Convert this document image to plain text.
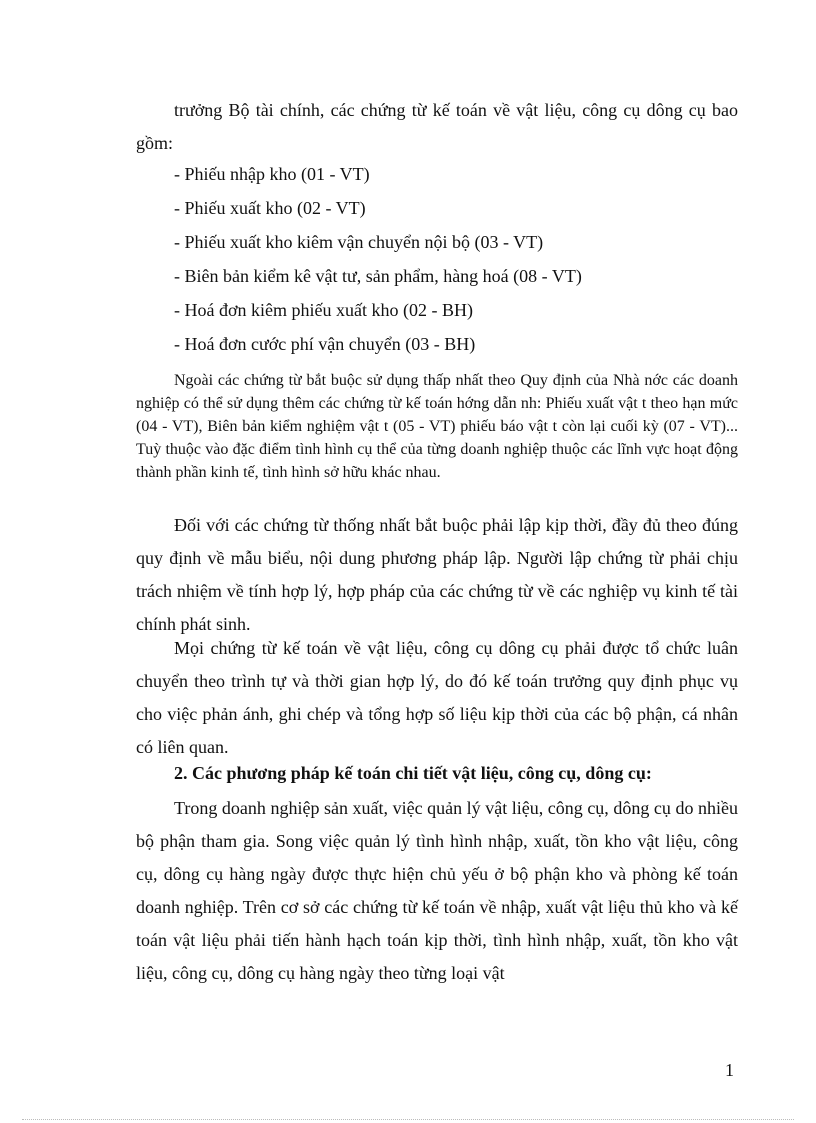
trưởng Bộ tài chính, các chứng từ kế toán về vật liệu, công cụ dông cụ bao gồm:

- Phiếu nhập kho (01 - VT)
- Phiếu xuất kho (02 - VT)
- Phiếu xuất kho kiêm vận chuyển nội bộ (03 - VT)
- Biên bản kiểm kê vật tư, sản phẩm, hàng hoá (08 - VT)
- Hoá đơn kiêm phiếu xuất kho (02 - BH)
- Hoá đơn cước phí vận chuyển (03 - BH)

Ngoài các chứng từ bắt buộc sử dụng thấp nhất theo Quy định của Nhà nớc các doanh nghiệp có thể sử dụng thêm các chứng từ kế toán hớng dẫn nh: Phiếu xuất vật t theo hạn mức (04 - VT), Biên bản kiểm nghiệm vật t (05 - VT) phiếu báo vật t còn lại cuối kỳ (07 - VT)... Tuỳ thuộc vào đặc điểm tình hình cụ thể của từng doanh nghiệp thuộc các lĩnh vực hoạt động thành phần kinh tế, tình hình sở hữu khác nhau.

Đối với các chứng từ thống nhất bắt buộc phải lập kịp thời, đầy đủ theo đúng quy định về mẫu biểu, nội dung phương pháp lập. Người lập chứng từ phải chịu trách nhiệm về tính hợp lý, hợp pháp của các chứng từ về các nghiệp vụ kinh tế tài chính phát sinh.

Mọi chứng từ kế toán về vật liệu, công cụ dông cụ phải được tổ chức luân chuyển theo trình tự và thời gian hợp lý, do đó kế toán trưởng quy định phục vụ cho việc phản ánh, ghi chép và tổng hợp số liệu kịp thời của các bộ phận, cá nhân có liên quan.

2. Các phương pháp kế toán chi tiết vật liệu, công cụ, dông cụ:

Trong doanh nghiệp sản xuất, việc quản lý vật liệu, công cụ, dông cụ do nhiều bộ phận tham gia. Song việc quản lý tình hình nhập, xuất, tồn kho vật liệu, công cụ, dông cụ hàng ngày được thực hiện chủ yếu ở bộ phận kho và phòng kế toán doanh nghiệp. Trên cơ sở các chứng từ kế toán về nhập, xuất vật liệu thủ kho và kế toán vật liệu phải tiến hành hạch toán kịp thời, tình hình nhập, xuất, tồn kho vật liệu, công cụ, dông cụ hàng ngày theo từng loại vật

1
